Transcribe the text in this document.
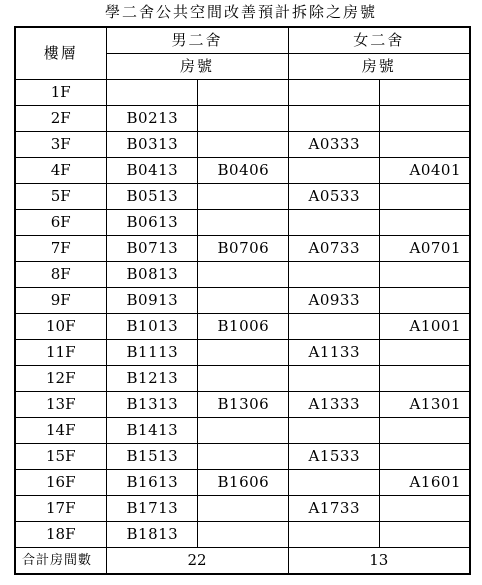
學二舍公共空間改善預計拆除之房號
樓層	男二舍		女二舍	
	房號		房號	
1F				
2F	B0213			
3F	B0313		A0333	
4F	B0413	B0406		A0401
5F	B0513		A0533	
6F	B0613			
7F	B0713	B0706	A0733	A0701
8F	B0813			
9F	B0913		A0933	
10F	B1013	B1006		A1001
11F	B1113		A1133	
12F	B1213			
13F	B1313	B1306	A1333	A1301
14F	B1413			
15F	B1513		A1533	
16F	B1613	B1606		A1601
17F	B1713		A1733	
18F	B1813			
合計房間數	22		13	
